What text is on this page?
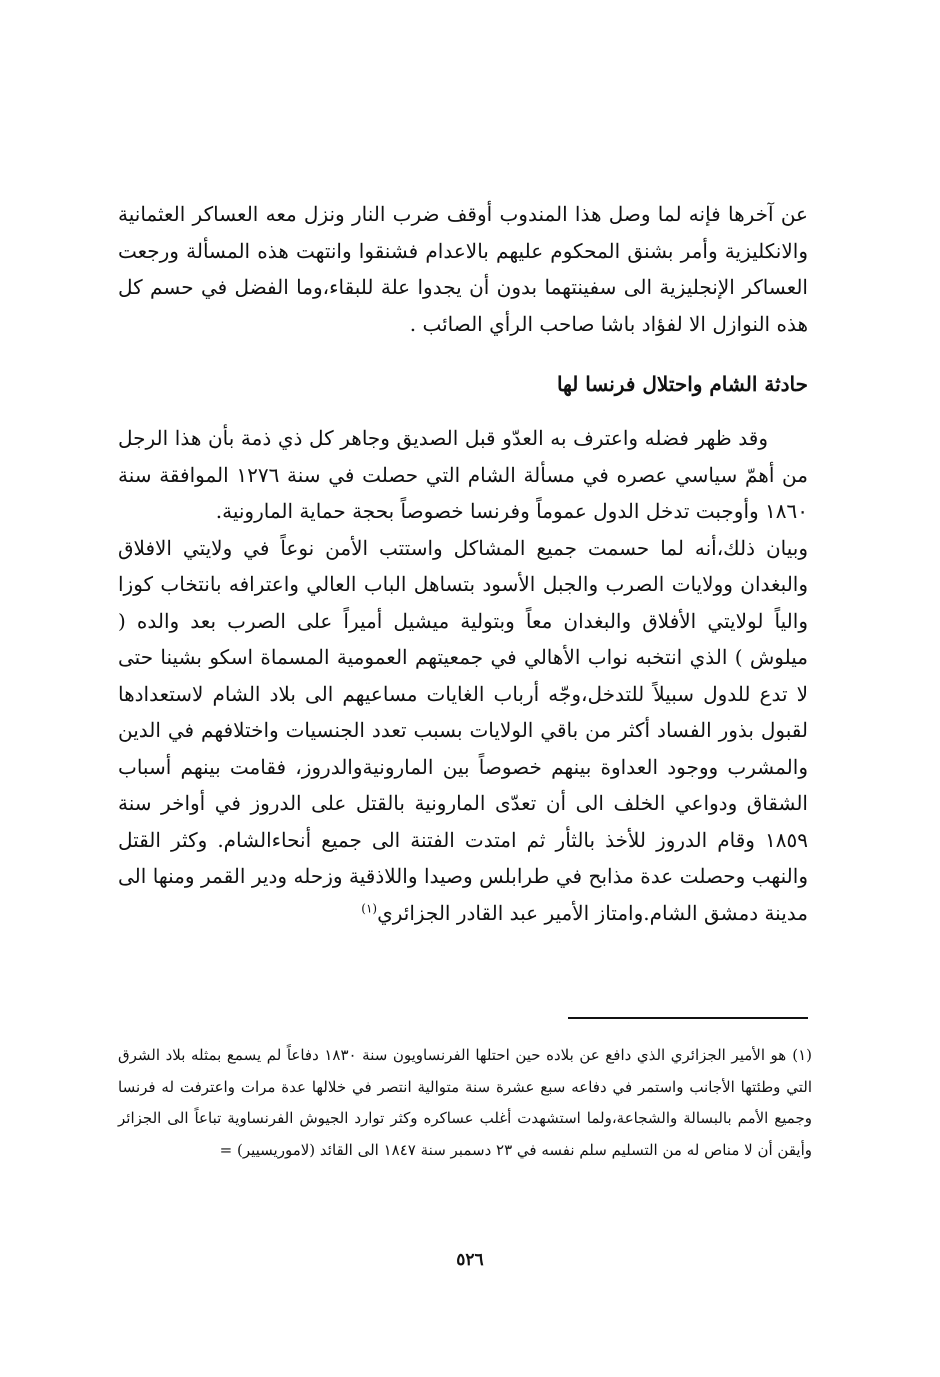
عن آخرها فإنه لما وصل هذا المندوب أوقف ضرب النار ونزل معه العساكر العثمانية والانكليزية وأمر بشنق المحكوم عليهم بالاعدام فشنقوا وانتهت هذه المسألة ورجعت العساكر الإنجليزية الى سفينتهما بدون أن يجدوا علة للبقاء،وما الفضل في حسم كل هذه النوازل الا لفؤاد باشا صاحب الرأي الصائب .

حادثة الشام واحتلال فرنسا لها

وقد ظهر فضله واعترف به العدّو قبل الصديق وجاهر كل ذي ذمة بأن هذا الرجل من أهمّ سياسي عصره في مسألة الشام التي حصلت في سنة ١٢٧٦ الموافقة سنة ١٨٦٠ وأوجبت تدخل الدول عموماً وفرنسا خصوصاً بحجة حماية المارونية.

وبيان ذلك،أنه لما حسمت جميع المشاكل واستتب الأمن نوعاً في ولايتي الافلاق والبغدان وولايات الصرب والجبل الأسود بتساهل الباب العالي واعترافه بانتخاب كوزا والياً لولايتي الأفلاق والبغدان معاً وبتولية ميشيل أميراً على الصرب بعد والده ( ميلوش ) الذي انتخبه نواب الأهالي في جمعيتهم العمومية المسماة اسكو بشينا حتى لا تدع للدول سبيلاً للتدخل،وجّه أرباب الغايات مساعيهم الى بلاد الشام لاستعدادها لقبول بذور الفساد أكثر من باقي الولايات بسبب تعدد الجنسيات واختلافهم في الدين والمشرب ووجود العداوة بينهم خصوصاً بين المارونيةوالدروز، فقامت بينهم أسباب الشقاق ودواعي الخلف الى أن تعدّى المارونية بالقتل على الدروز في أواخر سنة ١٨٥٩ وقام الدروز للأخذ بالثأر ثم امتدت الفتنة الى جميع أنحاءالشام. وكثر القتل والنهب وحصلت عدة مذابح في طرابلس وصيدا واللاذقية وزحله ودير القمر ومنها الى مدينة دمشق الشام.وامتاز الأمير عبد القادر الجزائري$^{(١)}$

(١)هو الأمير الجزائري الذي دافع عن بلاده حين احتلها الفرنساويون سنة ١٨٣٠ دفاعاً لم يسمع بمثله بلاد الشرق التي وطئتها الأجانب واستمر في دفاعه سبع عشرة سنة متوالية انتصر في خلالها عدة مرات واعترفت له فرنسا وجميع الأمم بالبسالة والشجاعة،ولما استشهدت أغلب عساكره وكثر توارد الجيوش الفرنساوية تباعاً الى الجزائر وأيقن أن لا مناص له من التسليم سلم نفسه في ٢٣ دسمبر سنة ١٨٤٧ الى القائد (لاموريسيير) =

٥٢٦
